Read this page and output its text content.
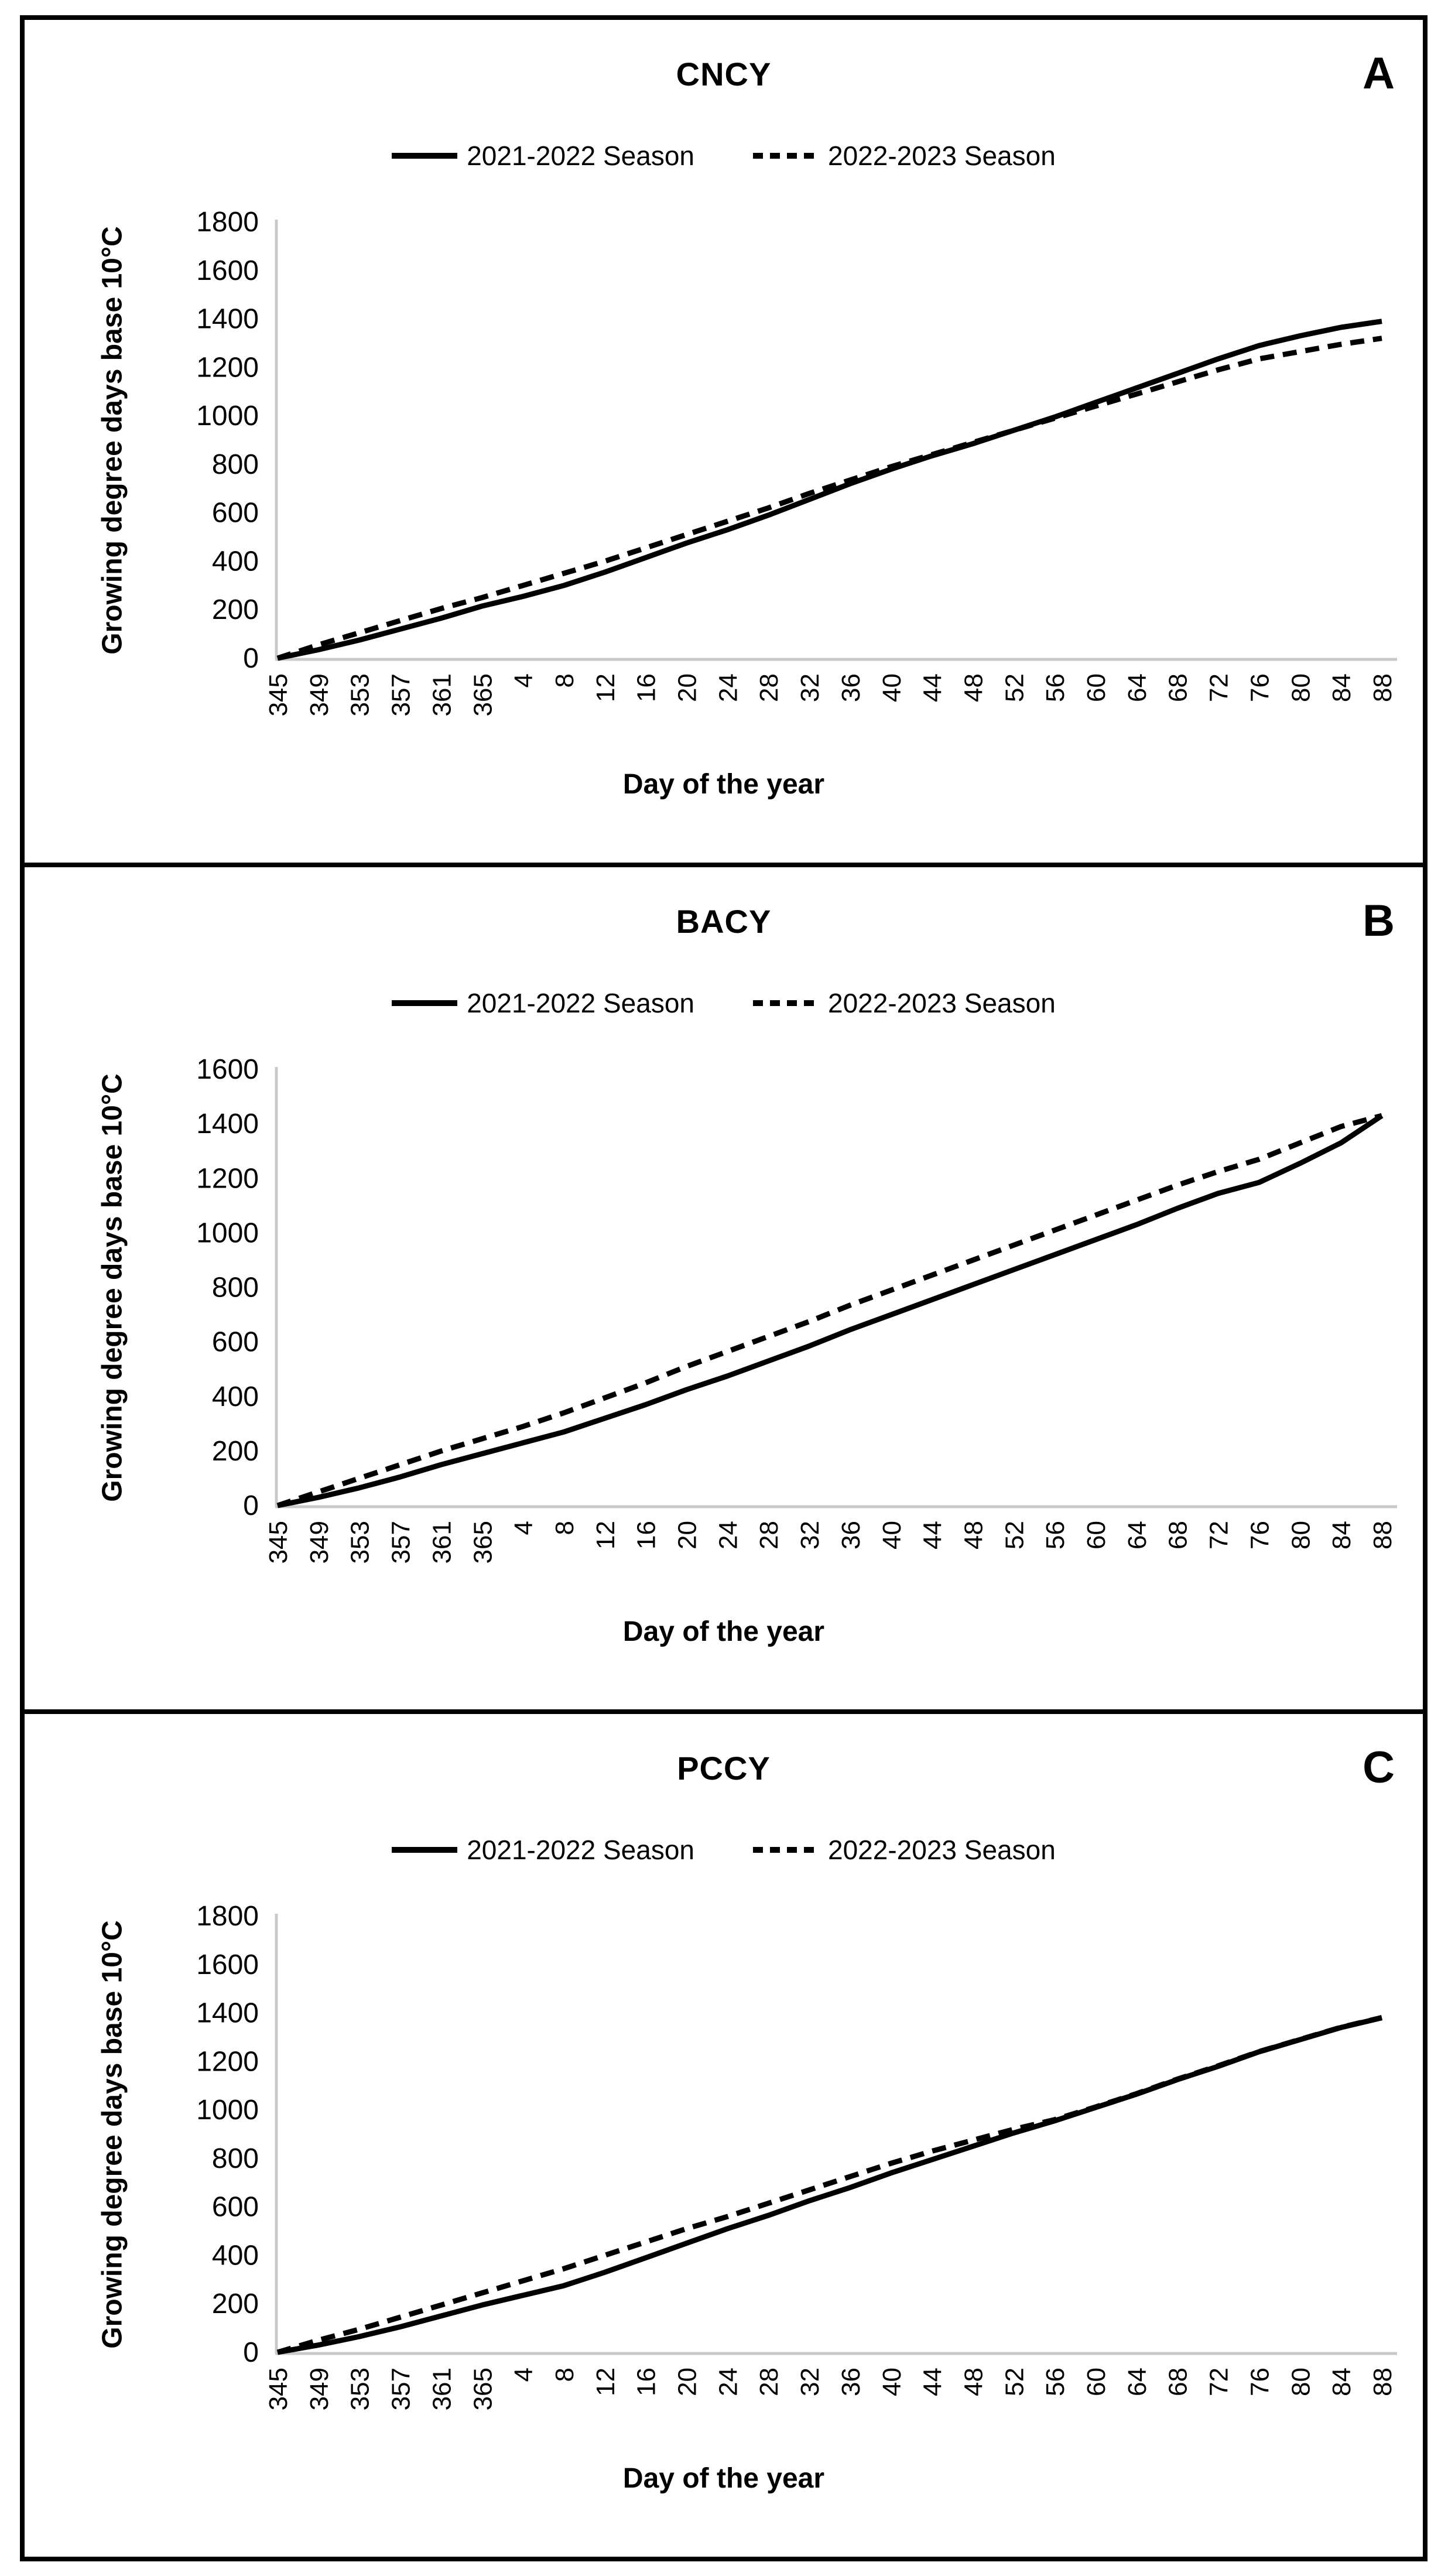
CNCY	A
2021-2022 Season	2022-2023 Season
Growing degree days base 10°C
0
200
400
600
800
1000
1200
1400
1600
1800
345 349 353 357 361 365 4 8 12 16 20 24 28 32 36 40 44 48 52 56 60 64 68 72 76 80 84 88
Day of the year
BACY	B
2021-2022 Season	2022-2023 Season
Growing degree days base 10°C
0
200
400
600
800
1000
1200
1400
1600
345 349 353 357 361 365 4 8 12 16 20 24 28 32 36 40 44 48 52 56 60 64 68 72 76 80 84 88
Day of the year
PCCY	C
2021-2022 Season	2022-2023 Season
Growing degree days base 10°C
0
200
400
600
800
1000
1200
1400
1600
1800
345 349 353 357 361 365 4 8 12 16 20 24 28 32 36 40 44 48 52 56 60 64 68 72 76 80 84 88
Day of the year
